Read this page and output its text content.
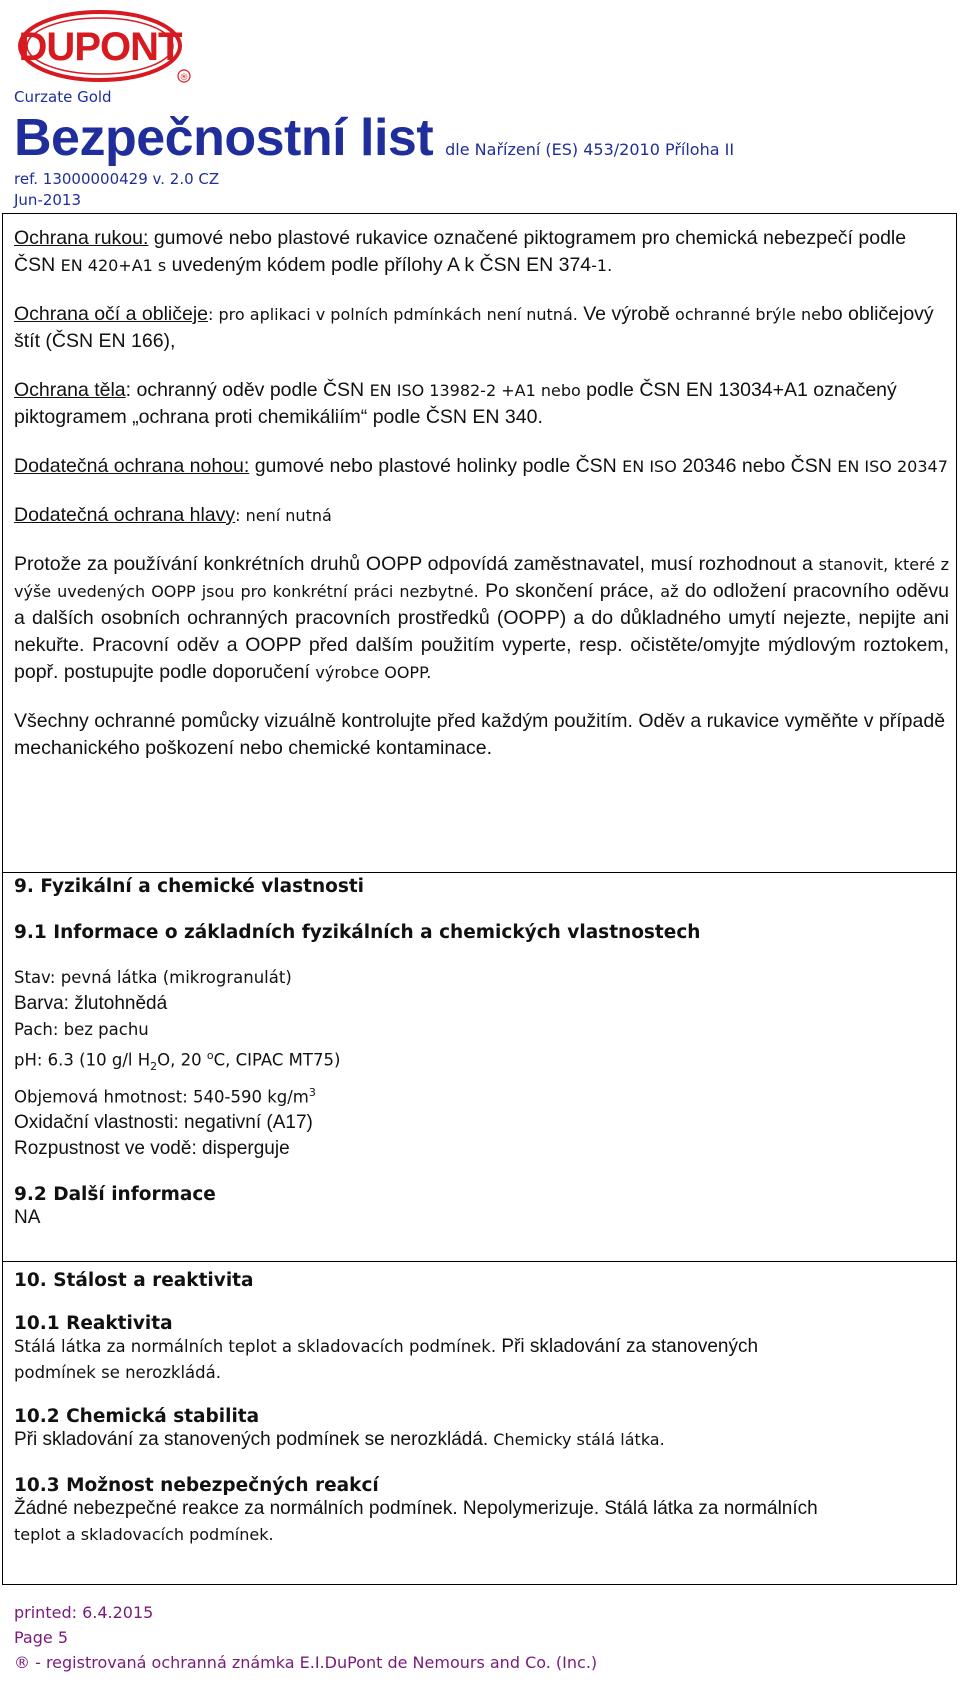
DUPONT
®
Curzate Gold
Bezpečnostní list dle Nařízení (ES) 453/2010 Příloha II
ref. 13000000429 v. 2.0 CZ
Jun-2013

Ochrana rukou: gumové nebo plastové rukavice označené piktogramem pro chemická nebezpečí podle ČSN EN 420+A1 s uvedeným kódem podle přílohy A k ČSN EN 374-1.

Ochrana očí a obličeje: pro aplikaci v polních pdmínkách není nutná. Ve výrobě ochranné brýle nebo obličejový štít (ČSN EN 166),

Ochrana těla: ochranný oděv podle ČSN EN ISO 13982-2 +A1 nebo podle ČSN EN 13034+A1 označený piktogramem „ochrana proti chemikáliím“ podle ČSN EN 340.

Dodatečná ochrana nohou: gumové nebo plastové holinky podle ČSN EN ISO 20346 nebo ČSN EN ISO 20347

Dodatečná ochrana hlavy: není nutná

Protože za používání konkrétních druhů OOPP odpovídá zaměstnavatel, musí rozhodnout a stanovit, které z výše uvedených OOPP jsou pro konkrétní práci nezbytné. Po skončení práce, až do odložení pracovního oděvu a dalších osobních ochranných pracovních prostředků (OOPP) a do důkladného umytí nejezte, nepijte ani nekuřte. Pracovní oděv a OOPP před dalším použitím vyperte, resp. očistěte/omyjte mýdlovým roztokem, popř. postupujte podle doporučení výrobce OOPP.

Všechny ochranné pomůcky vizuálně kontrolujte před každým použitím. Oděv a rukavice vyměňte v případě mechanického poškození nebo chemické kontaminace.

9. Fyzikální a chemické vlastnosti

9.1 Informace o základních fyzikálních a chemických vlastnostech

Stav: pevná látka (mikrogranulát)

Barva: žlutohnědá

Pach: bez pachu

pH: 6.3 (10 g/l $H_2O$, 20 $^o$C, CIPAC MT75)

Objemová hmotnost: 540-590 $kg/m^3$

Oxidační vlastnosti: negativní (A17)

Rozpustnost ve vodě: disperguje

9.2 Další informace

NA

10. Stálost a reaktivita

10.1 Reaktivita

Stálá látka za normálních teplot a skladovacích podmínek. Při skladování za stanovených
podmínek se nerozkládá.

10.2 Chemická stabilita

Při skladování za stanovených podmínek se nerozkládá. Chemicky stálá látka.

10.3 Možnost nebezpečných reakcí

Žádné nebezpečné reakce za normálních podmínek. Nepolymerizuje. Stálá látka za normálních
teplot a skladovacích podmínek.

printed: 6.4.2015
Page 5
® - registrovaná ochranná známka E.I.DuPont de Nemours and Co. (Inc.)
